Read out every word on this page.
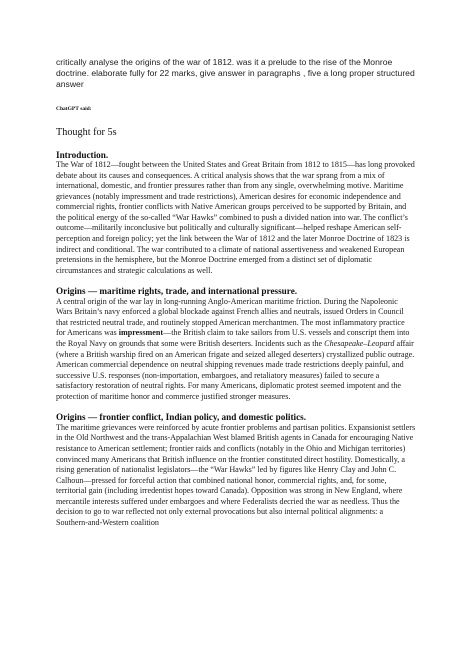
critically analyse the origins of the war of 1812. was it a prelude to the rise of the Monroe doctrine. elaborate fully for 22 marks, give answer in paragraphs , five a long proper structured answer

ChatGPT said:

Thought for 5s

Introduction.

The War of 1812—fought between the United States and Great Britain from 1812 to 1815—has long provoked debate about its causes and consequences. A critical analysis shows that the war sprang from a mix of international, domestic, and frontier pressures rather than from any single, overwhelming motive. Maritime grievances (notably impressment and trade restrictions), American desires for economic independence and commercial rights, frontier conflicts with Native American groups perceived to be supported by Britain, and the political energy of the so-called “War Hawks” combined to push a divided nation into war. The conflict’s outcome—militarily inconclusive but politically and culturally significant—helped reshape American self-perception and foreign policy; yet the link between the War of 1812 and the later Monroe Doctrine of 1823 is indirect and conditional. The war contributed to a climate of national assertiveness and weakened European pretensions in the hemisphere, but the Monroe Doctrine emerged from a distinct set of diplomatic circumstances and strategic calculations as well.

Origins — maritime rights, trade, and international pressure.

A central origin of the war lay in long-running Anglo-American maritime friction. During the Napoleonic Wars Britain’s navy enforced a global blockade against French allies and neutrals, issued Orders in Council that restricted neutral trade, and routinely stopped American merchantmen. The most inflammatory practice for Americans was impressment—the British claim to take sailors from U.S. vessels and conscript them into the Royal Navy on grounds that some were British deserters. Incidents such as the Chesapeake–Leopard affair (where a British warship fired on an American frigate and seized alleged deserters) crystallized public outrage. American commercial dependence on neutral shipping revenues made trade restrictions deeply painful, and successive U.S. responses (non-importation, embargoes, and retaliatory measures) failed to secure a satisfactory restoration of neutral rights. For many Americans, diplomatic protest seemed impotent and the protection of maritime honor and commerce justified stronger measures.

Origins — frontier conflict, Indian policy, and domestic politics.

The maritime grievances were reinforced by acute frontier problems and partisan politics. Expansionist settlers in the Old Northwest and the trans-Appalachian West blamed British agents in Canada for encouraging Native resistance to American settlement; frontier raids and conflicts (notably in the Ohio and Michigan territories) convinced many Americans that British influence on the frontier constituted direct hostility. Domestically, a rising generation of nationalist legislators—the “War Hawks” led by figures like Henry Clay and John C. Calhoun—pressed for forceful action that combined national honor, commercial rights, and, for some, territorial gain (including irredentist hopes toward Canada). Opposition was strong in New England, where mercantile interests suffered under embargoes and where Federalists decried the war as needless. Thus the decision to go to war reflected not only external provocations but also internal political alignments: a Southern-and-Western coalition
